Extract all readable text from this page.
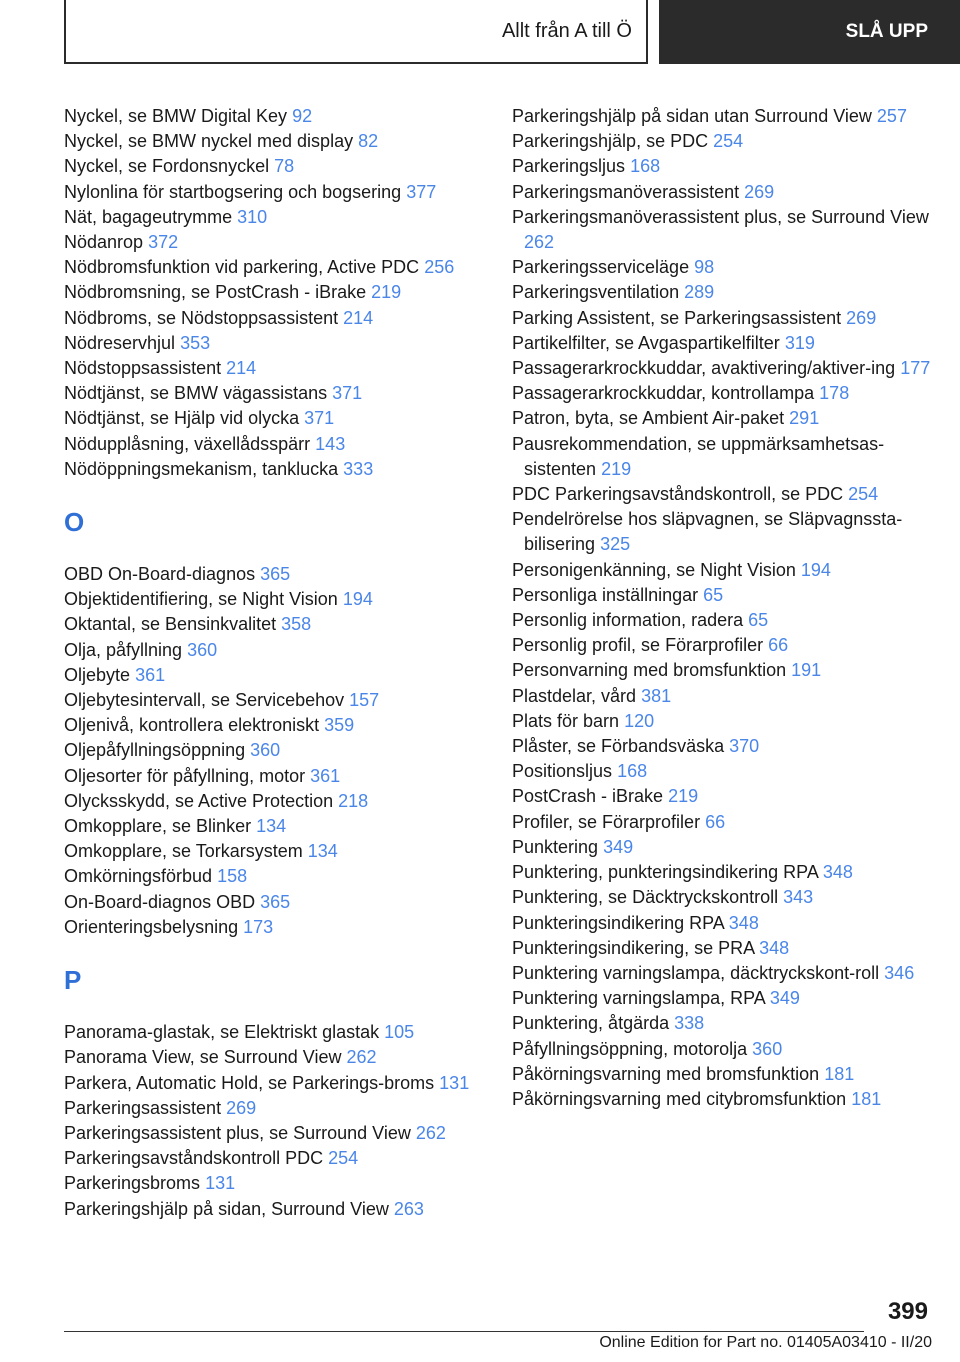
Allt från A till Ö	SLÅ UPP
Nyckel, se BMW Digital Key 92
Nyckel, se BMW nyckel med display 82
Nyckel, se Fordonsnyckel 78
Nylonlina för startbogsering och bogsering 377
Nät, bagageutrymme 310
Nödanrop 372
Nödbromsfunktion vid parkering, Active PDC 256
Nödbromsning, se PostCrash - iBrake 219
Nödbroms, se Nödstoppsassistent 214
Nödreservhjul 353
Nödstoppsassistent 214
Nödtjänst, se BMW vägassistans 371
Nödtjänst, se Hjälp vid olycka 371
Nödupplåsning, växellådsspärr 143
Nödöppningsmekanism, tanklucka 333
O
OBD On-Board-diagnos 365
Objektidentifiering, se Night Vision 194
Oktantal, se Bensinkvalitet 358
Olja, påfyllning 360
Oljebyte 361
Oljebytesintervall, se Servicebehov 157
Oljenivå, kontrollera elektroniskt 359
Oljepåfyllningsöppning 360
Oljesorter för påfyllning, motor 361
Olycksskydd, se Active Protection 218
Omkopplare, se Blinker 134
Omkopplare, se Torkarsystem 134
Omkörningsförbud 158
On-Board-diagnos OBD 365
Orienteringsbelysning 173
P
Panorama-glastak, se Elektriskt glastak 105
Panorama View, se Surround View 262
Parkera, Automatic Hold, se Parkerings-broms 131
Parkeringsassistent 269
Parkeringsassistent plus, se Surround View 262
Parkeringsavståndskontroll PDC 254
Parkeringsbroms 131
Parkeringshjälp på sidan, Surround View 263
Parkeringshjälp på sidan utan Surround View 257
Parkeringshjälp, se PDC 254
Parkeringsljus 168
Parkeringsmanöverassistent 269
Parkeringsmanöverassistent plus, se Surround View 262
Parkeringsserviceläge 98
Parkeringsventilation 289
Parking Assistent, se Parkeringsassistent 269
Partikelfilter, se Avgaspartikelfilter 319
Passagerarkrockkuddar, avaktivering/aktiver-ing 177
Passagerarkrockkuddar, kontrollampa 178
Patron, byta, se Ambient Air-paket 291
Pausrekommendation, se uppmärksamhetsas-sistenten 219
PDC Parkeringsavståndskontroll, se PDC 254
Pendelrörelse hos släpvagnen, se Släpvagnssta-bilisering 325
Personigenkänning, se Night Vision 194
Personliga inställningar 65
Personlig information, radera 65
Personlig profil, se Förarprofiler 66
Personvarning med bromsfunktion 191
Plastdelar, vård 381
Plats för barn 120
Plåster, se Förbandsväska 370
Positionsljus 168
PostCrash - iBrake 219
Profiler, se Förarprofiler 66
Punktering 349
Punktering, punkteringsindikering RPA 348
Punktering, se Däcktryckskontroll 343
Punkteringsindikering RPA 348
Punkteringsindikering, se PRA 348
Punktering varningslampa, däcktryckskont-roll 346
Punktering varningslampa, RPA 349
Punktering, åtgärda 338
Påfyllningsöppning, motorolja 360
Påkörningsvarning med bromsfunktion 181
Påkörningsvarning med citybromsfunktion 181
399
Online Edition for Part no. 01405A03410 - II/20
